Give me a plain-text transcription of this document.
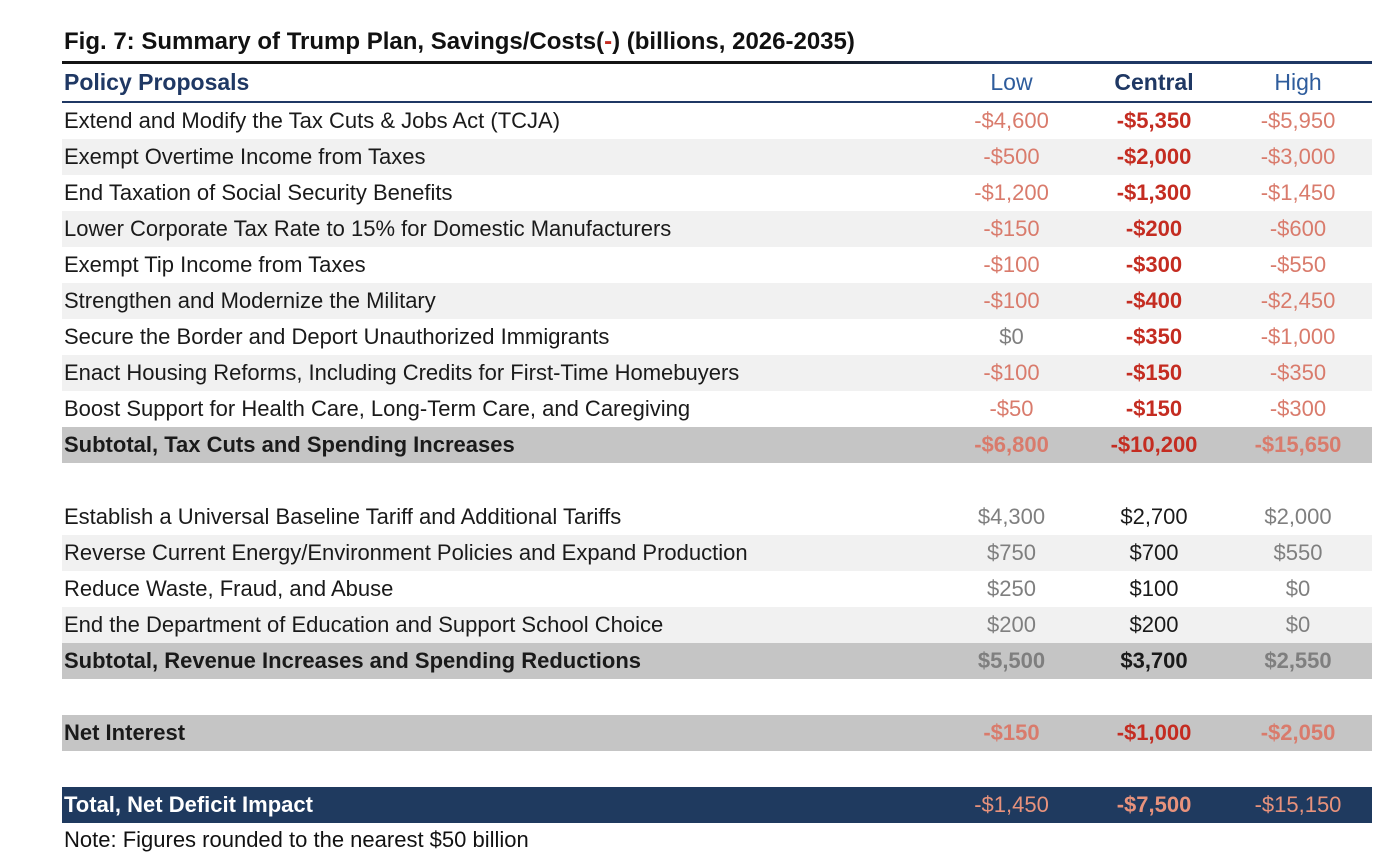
Fig. 7: Summary of Trump Plan, Savings/Costs(-) (billions, 2026-2035)
Policy Proposals	Low	Central	High
Extend and Modify the Tax Cuts & Jobs Act (TCJA)	-$4,600	-$5,350	-$5,950
Exempt Overtime Income from Taxes	-$500	-$2,000	-$3,000
End Taxation of Social Security Benefits	-$1,200	-$1,300	-$1,450
Lower Corporate Tax Rate to 15% for Domestic Manufacturers	-$150	-$200	-$600
Exempt Tip Income from Taxes	-$100	-$300	-$550
Strengthen and Modernize the Military	-$100	-$400	-$2,450
Secure the Border and Deport Unauthorized Immigrants	$0	-$350	-$1,000
Enact Housing Reforms, Including Credits for First-Time Homebuyers	-$100	-$150	-$350
Boost Support for Health Care, Long-Term Care, and Caregiving	-$50	-$150	-$300
Subtotal, Tax Cuts and Spending Increases	-$6,800	-$10,200	-$15,650
Establish a Universal Baseline Tariff and Additional Tariffs	$4,300	$2,700	$2,000
Reverse Current Energy/Environment Policies and Expand Production	$750	$700	$550
Reduce Waste, Fraud, and Abuse	$250	$100	$0
End the Department of Education and Support School Choice	$200	$200	$0
Subtotal, Revenue Increases and Spending Reductions	$5,500	$3,700	$2,550
Net Interest	-$150	-$1,000	-$2,050
Total, Net Deficit Impact	-$1,450	-$7,500	-$15,150
Note: Figures rounded to the nearest $50 billion
